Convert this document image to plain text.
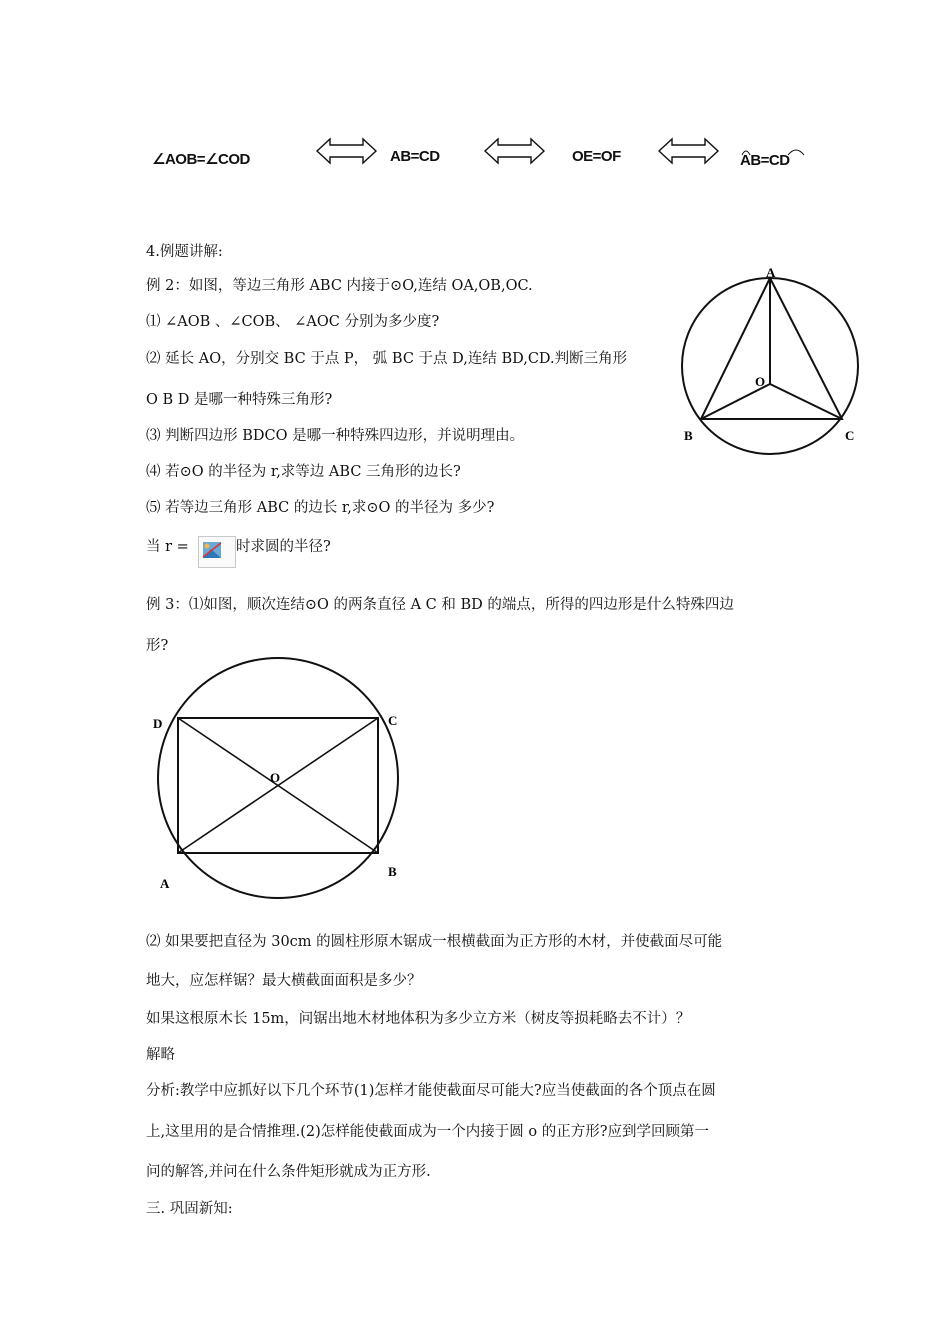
∠AOB=∠COD	AB=CD	OE=OF	AB=CD
4.例题讲解:
例 2：如图，等边三角形 ABC 内接于⊙O,连结 OA,OB,OC.
⑴ ∠AOB 、∠COB、 ∠AOC 分别为多少度?
⑵ 延长 AO，分别交 BC 于点 P， 弧 BC 于点 D,连结 BD,CD.判断三角形
O B D 是哪一种特殊三角形?
⑶ 判断四边形 BDCO 是哪一种特殊四边形，并说明理由。
⑷ 若⊙O 的半径为 r,求等边 ABC 三角形的边长?
⑸ 若等边三角形 ABC 的边长 r,求⊙O 的半径为 多少?
当 r =	时求圆的半径?
例 3：⑴如图，顺次连结⊙O 的两条直径 A C 和 BD 的端点，所得的四边形是什么特殊四边
形?
⑵ 如果要把直径为 30cm 的圆柱形原木锯成一根横截面为正方形的木材，并使截面尽可能
地大，应怎样锯？最大横截面面积是多少？
如果这根原木长 15m，问锯出地木材地体积为多少立方米（树皮等损耗略去不计）？
解略
分析:教学中应抓好以下几个环节(1)怎样才能使截面尽可能大?应当使截面的各个顶点在圆
上,这里用的是合情推理.(2)怎样能使截面成为一个内接于圆 o 的正方形?应到学回顾第一
问的解答,并问在什么条件矩形就成为正方形.
三. 巩固新知:
A
O
B	C
D	C
O
A
B
